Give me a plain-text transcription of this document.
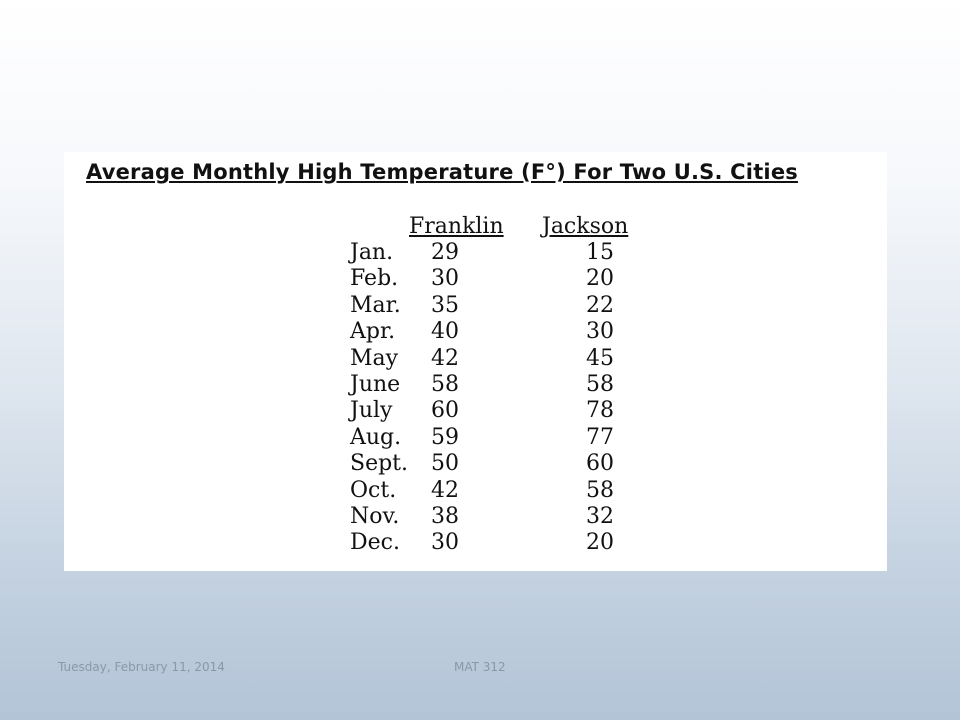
Average Monthly High Temperature (F°) For Two U.S. Cities
Franklin Jackson
Jan. 29	15
Feb. 30	20
Mar. 35	22
Apr. 40	30
May 42	45
June 58	58
July 60	78
Aug. 59	77
Sept. 50	60
Oct. 42	58
Nov. 38	32
Dec. 30	20
Tuesday, February 11, 2014	MAT 312
